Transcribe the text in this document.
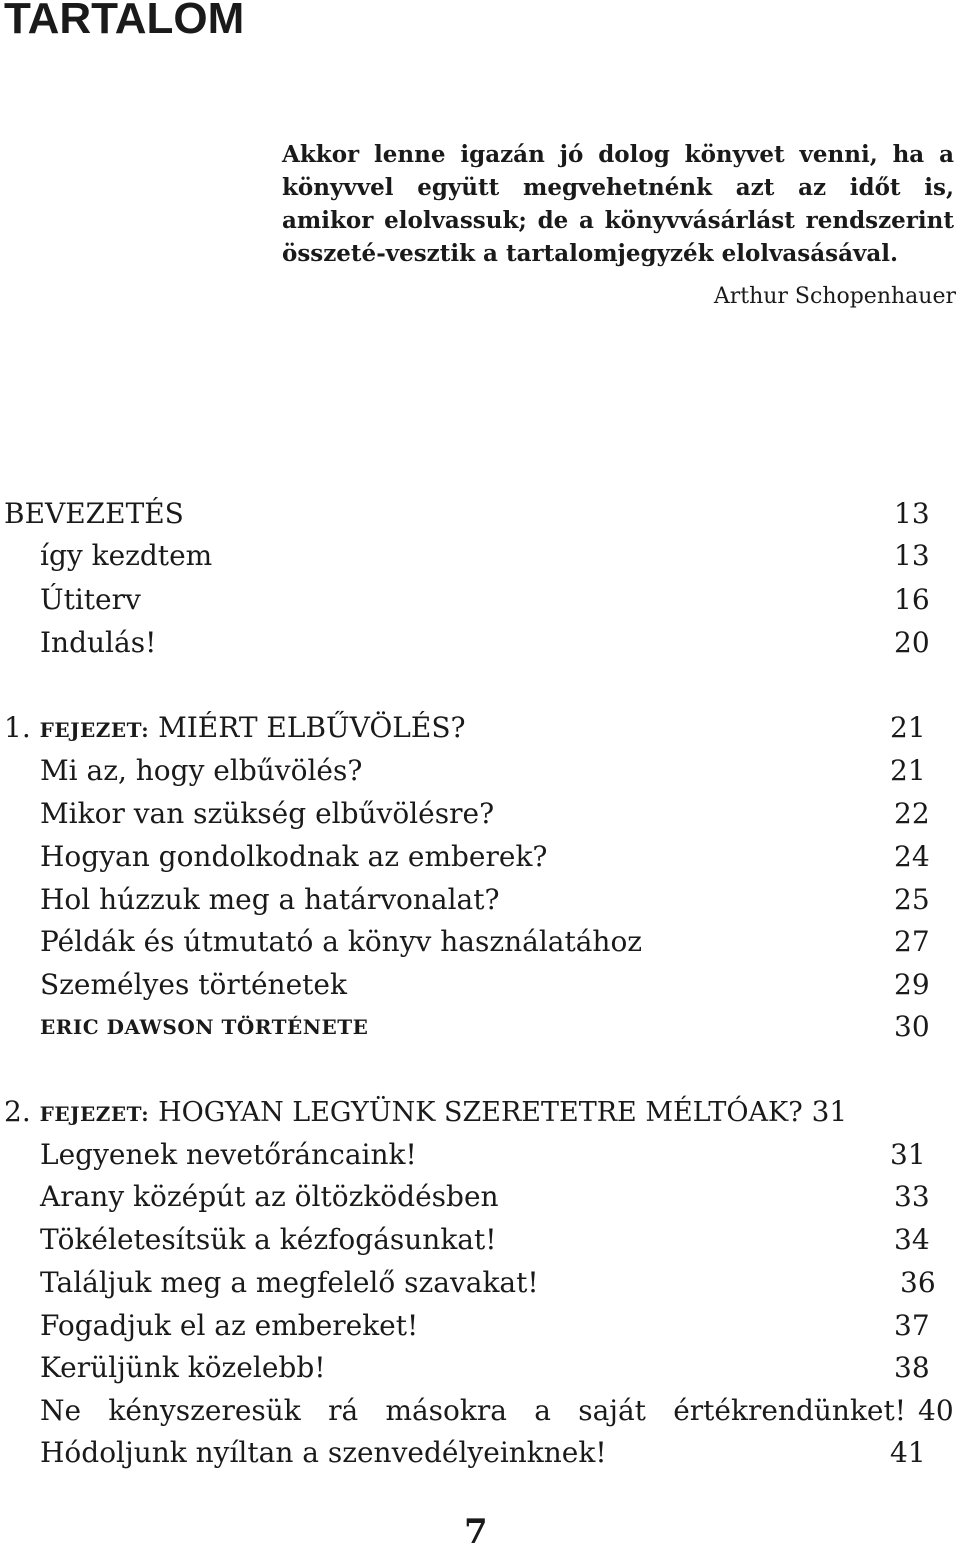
TARTALOM

Akkor lenne igazán jó dolog könyvet venni, ha a könyvvel együtt megvehetnénk azt az időt is, amikor elolvassuk; de a könyvvásárlást rendszerint összeté-vesztik a tartalomjegyzék elolvasásával.

Arthur Schopenhauer
BEVEZETÉS	13
így kezdtem	13
Útiterv	16
Indulás!	20
1. FEJEZET: MIÉRT ELBŰVÖLÉS?	21
Mi az, hogy elbűvölés?	21
Mikor van szükség elbűvölésre?	22
Hogyan gondolkodnak az emberek?	24
Hol húzzuk meg a határvonalat?	25
Példák és útmutató a könyv használatához	27
Személyes történetek	29
ERIC DAWSON TÖRTÉNETE	30
2. FEJEZET: HOGYAN LEGYÜNK SZERETETRE MÉLTÓAK? 31
Legyenek nevetőráncaink!	31
Arany középút az öltözködésben	33
Tökéletesítsük a kézfogásunkat!	34
Találjuk meg a megfelelő szavakat!	36
Fogadjuk el az embereket!	37
Kerüljünk közelebb!	38
Ne kényszeresük rá másokra a saját értékrendünket! 40
Hódoljunk nyíltan a szenvedélyeinknek!	41
7
